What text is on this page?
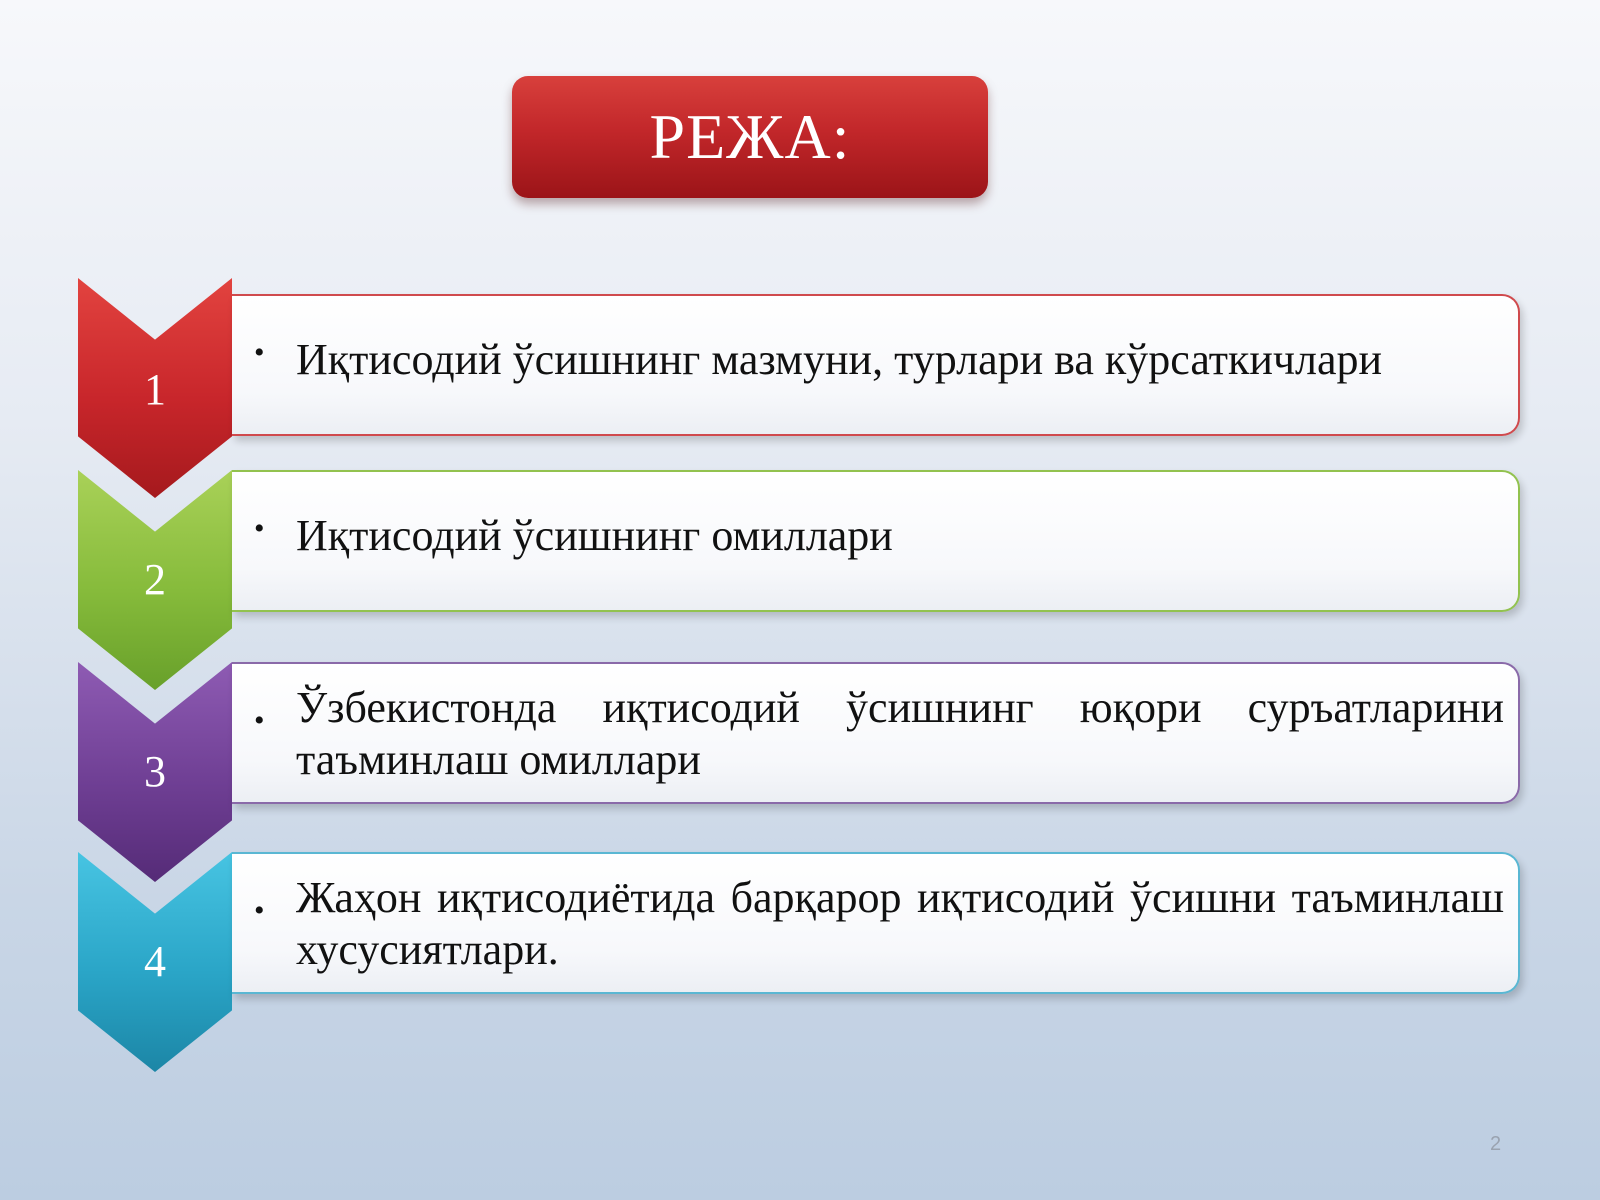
РЕЖА:
1
• Иқтисодий ўсишнинг мазмуни, турлари ва кўрсаткичлари
2
• Иқтисодий ўсишнинг омиллари
3
• Ўзбекистонда иқтисодий ўсишнинг юқори суръатларини таъминлаш омиллари
4
• Жаҳон иқтисодиётида барқарор иқтисодий ўсишни таъминлаш хусусиятлари.
2
